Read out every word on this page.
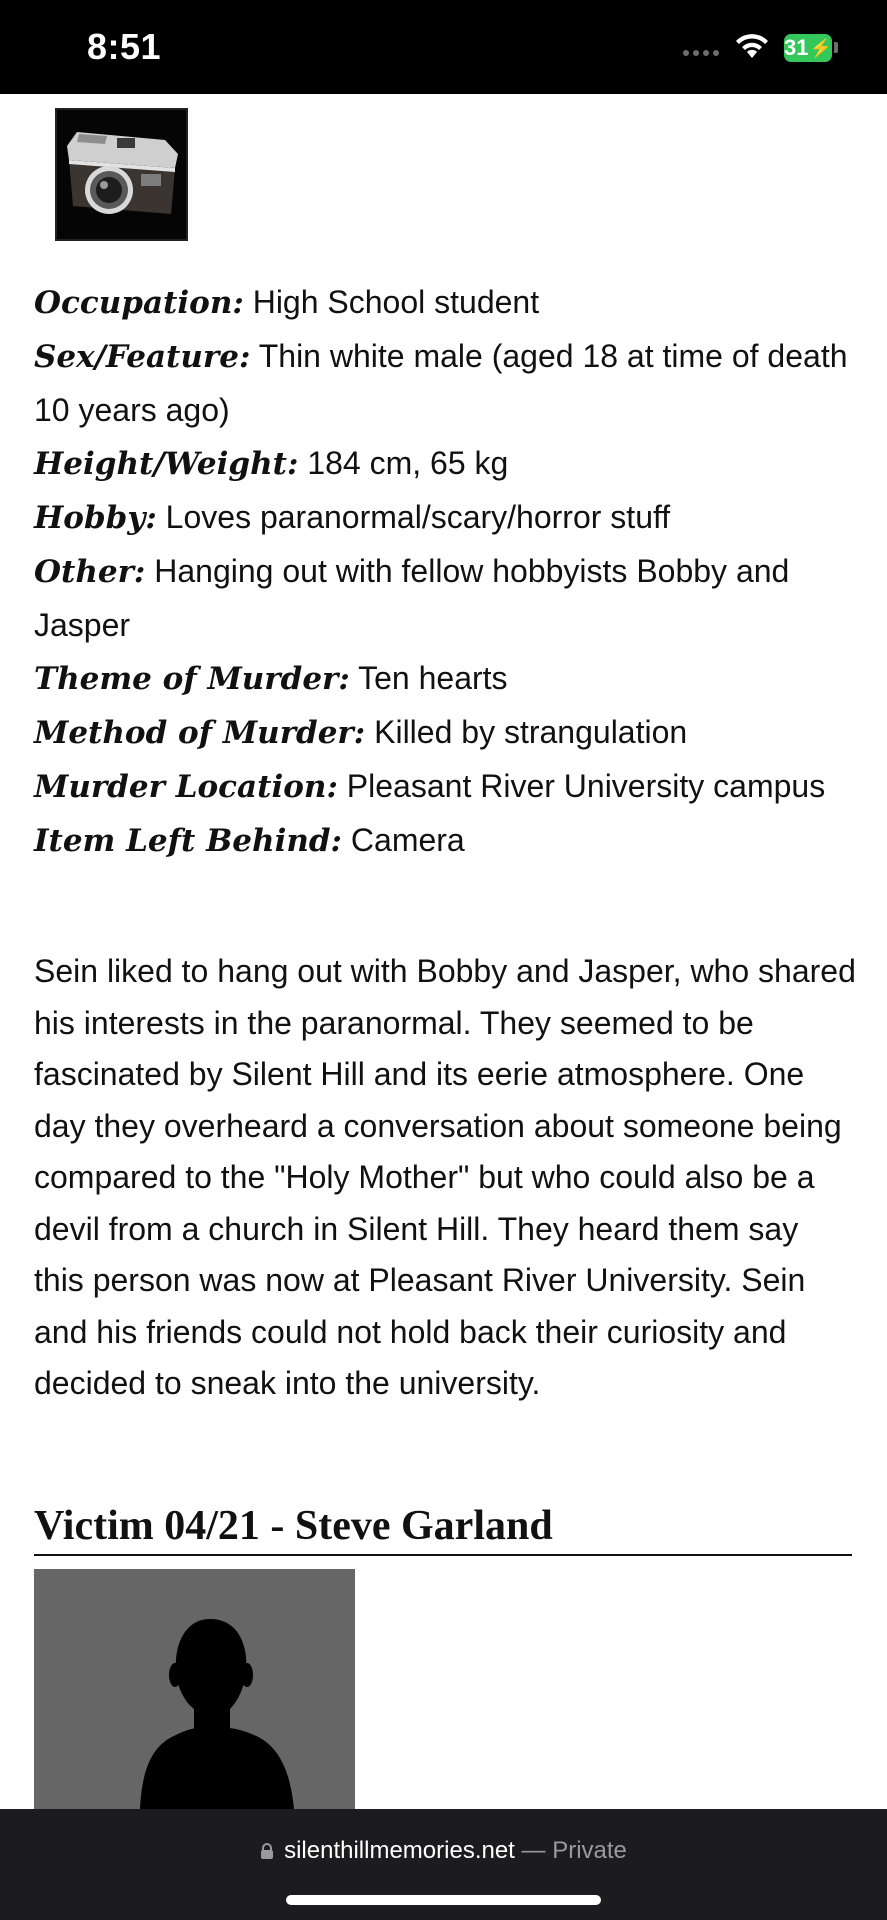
8:51	31 ⚡

Occupation: High School student

Sex/Feature: Thin white male (aged 18 at time of death 10 years ago)

Height/Weight: 184 cm, 65 kg

Hobby: Loves paranormal/scary/horror stuff

Other: Hanging out with fellow hobbyists Bobby and Jasper

Theme of Murder: Ten hearts

Method of Murder: Killed by strangulation

Murder Location: Pleasant River University campus

Item Left Behind: Camera

Sein liked to hang out with Bobby and Jasper, who shared his interests in the paranormal. They seemed to be fascinated by Silent Hill and its eerie atmosphere. One day they overheard a conversation about someone being compared to the "Holy Mother" but who could also be a devil from a church in Silent Hill. They heard them say this person was now at Pleasant River University. Sein and his friends could not hold back their curiosity and decided to sneak into the university.

Victim 04/21 - Steve Garland
silenthillmemories.net — Private
